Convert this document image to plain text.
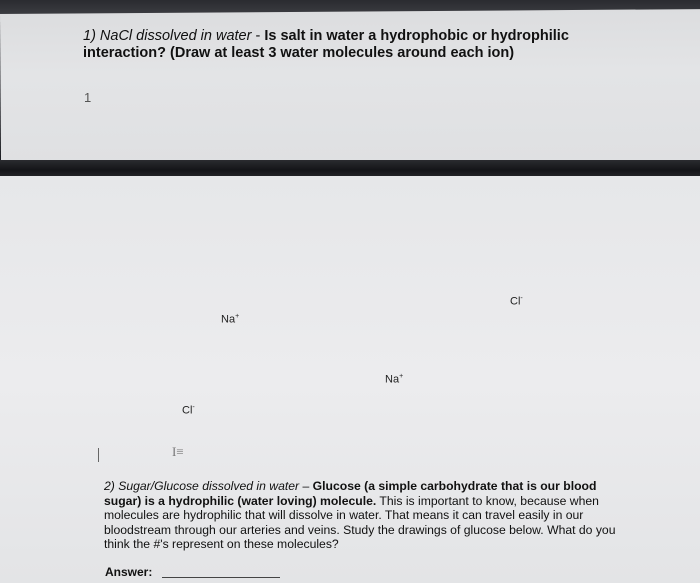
1) NaCl dissolved in water - Is salt in water a hydrophobic or hydrophilic interaction? (Draw at least 3 water molecules around each ion)
1
Na+
Cl-
Na+
Cl-
I≡
2) Sugar/Glucose dissolved in water – Glucose (a simple carbohydrate that is our blood sugar) is a hydrophilic (water loving) molecule. This is important to know, because when molecules are hydrophilic that will dissolve in water. That means it can travel easily in our bloodstream through our arteries and veins. Study the drawings of glucose below. What do you think the #'s represent on these molecules?
Answer:
